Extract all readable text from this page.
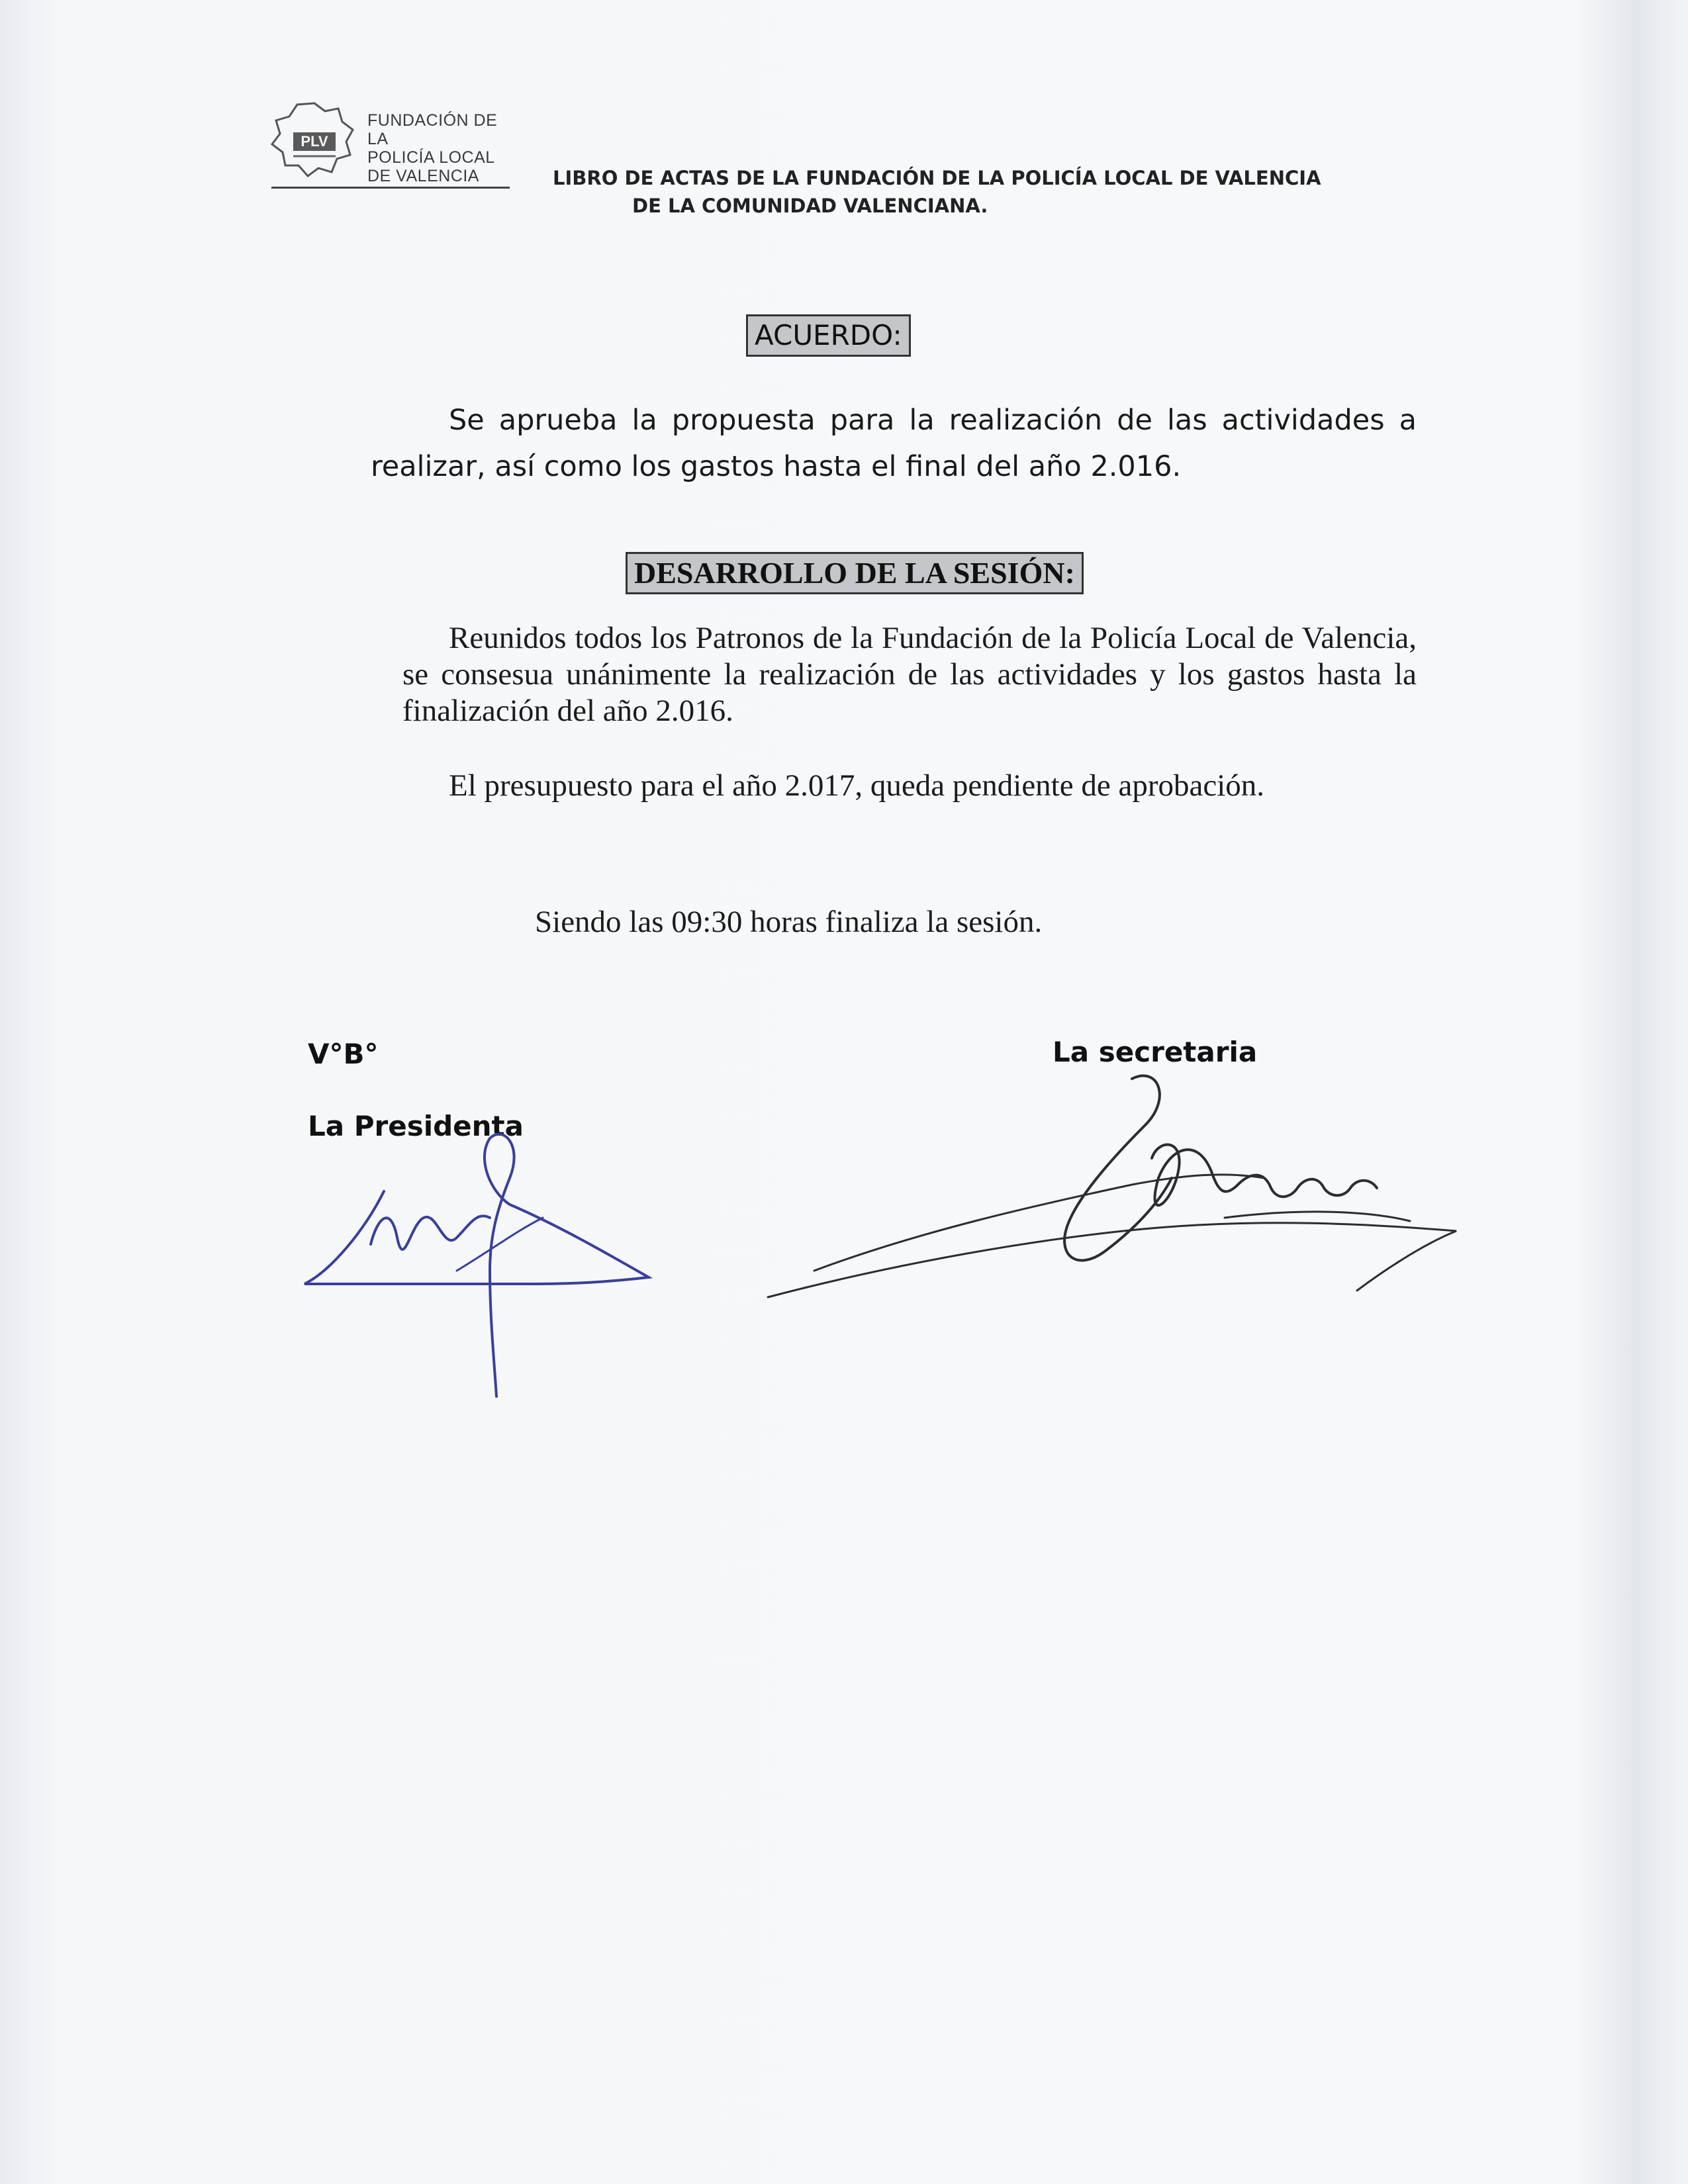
PLV
FUNDACIÓN DE LA
POLICÍA LOCAL
DE VALENCIA	LIBRO DE ACTAS DE LA FUNDACIÓN DE LA POLICÍA LOCAL DE VALENCIA
DE LA COMUNIDAD VALENCIANA.
ACUERDO:
Se aprueba la propuesta para la realización de las actividades a realizar, así como los gastos hasta el final del año 2.016.
DESARROLLO DE LA SESIÓN:
Reunidos todos los Patronos de la Fundación de la Policía Local de Valencia, se consesua unánimente la realización de las actividades y los gastos hasta la finalización del año 2.016.
El presupuesto para el año 2.017, queda pendiente de aprobación.
Siendo las 09:30 horas finaliza la sesión.
V°B°
La Presidenta
La secretaria
